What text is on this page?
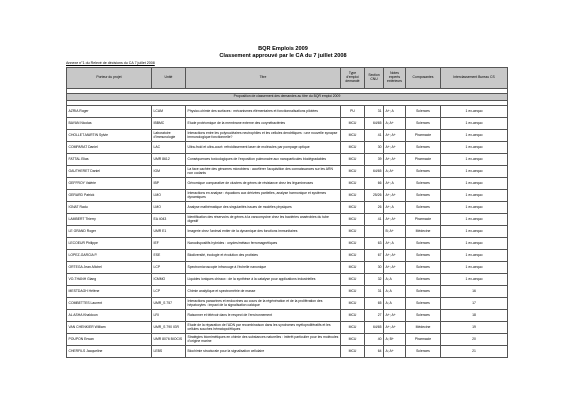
BQR Emplois 2009
Classement approuvé par le CA du 7 juillet 2008
Annexe n°1 du Relevé de décisions du CA 7 juillet 2008
Porteur du projet	Unité	Titre	Type d'emploi demandé	Section CNU	Notes experts extérieurs	Composantes	Interclassement Bureau CS

Proposition de classement des demandes au titre du BQR emploi 2009							

AZRIA Roger	LCAM	Physico-chimie des surfaces : mécanismes élémentaires et fonctionnalisations pilotées	PU	31	A+; A	Sciences	1 ex-aequo
BAYAN Nicolas	IBBMC	Etude protéomique de la membrane externe des corynébactéries	MCU	64/65	A; A+	Sciences	1 ex-aequo
CHOLLET-MARTIN Sylvie	Laboratoire d'immunologie	Interactions entre les polynucléaires neutrophiles et les cellules dendritiques : une nouvelle synapse immunologique fonctionnelle?	MCU	41	A+; A+	Pharmacie	1 ex-aequo
COMPARAT Daniel	LAC	Ultra-froid et ultra-court: refroidissement laser de molécules par pompage optique	MCU	30	A+; A+	Sciences	1 ex-aequo
FATTAL Elias	UMR 8612	Conséquences toxicologiques de l'exposition pulmonaire aux nanoparticules biodégradables	MCU	39	A+; A+	Pharmacie	1 ex-aequo
GAUTHERET Daniel	IGM	La face cachée des génomes microbiens : accélérer l'acquisition des connaissances sur les ARN non codants	MCU	64/65	A; A+	Sciences	1 ex-aequo
GEFFROY Valérie	IBP	Génomique comparative de clusters de gènes de résistance chez les légumineuses	MCU	66	A+; A	Sciences	1 ex-aequo
GERARD Patrick	LMO	Interactions en analyse : équations aux dérivées partielles, analyse harmonique et systèmes dynamiques	MCU	25/26	A+; A+	Sciences	1 ex-aequo
IGNAT Radu	LMO	Analyse mathématique des singularités issues de modèles physiques	MCU	26	A+; A	Sciences	1 ex-aequo
LAMBERT Thierry	EA 4043	Identification des réservoirs de gènes à la vancomycine chez les bactéries anaérobies du tube digestif	MCU	41	A+; A+	Pharmacie	1 ex-aequo
LE GRAND Roger	UMR E1	Imagerie chez l'animal entier de la dynamique des fonctions immunitaires	MCU		B; A+	Médecine	1 ex-aequo
LECOEUR Philippe	IEF	Nanodispositifs hybrides : oxydes/métaux ferromagnétiques	MCU	63	A+; A	Sciences	1 ex-aequo
LOPEZ-GARCIA P.	ESE	Biodiversité, écologie et évolution des protistes	MCU	67	A+; A+	Sciences	1 ex-aequo
ORTEGA Jean-Michel	LCP	Spectromicroscopie infrarouge à l'échelle nanonique	MCU	30	A+; A+	Sciences	1 ex-aequo
VO-THANH Giang	ICMMO	Liquides ioniques chiraux : de la synthèse à la catalyse pour applications industrielles	MCU	32	A; A	Sciences	1 ex-aequo
MESTDAGH Hélène	LCP	Chimie analytique et spectrométrie de masse	MCU	31	A; A	Sciences	16
COMBETTES Laurent	UMR_S 757	Interactions paracrines et endocrines au cours de la régénération et de la prolifération des hépatocytes : impact de la signalisation calcique	MCU	65	A; A	Sciences	17
AL ASHA Khaldoun	LRI	Raisonner et télévoir dans le respect de l'environnement	MCU	27	A+; A+	Sciences	18
VAN CHENKIER William	UMR_S 790 IGR	Etude de la réparation de l'ADN par recombinaison dans les syndromes myéloprolifératifs et les cellules souches hématopoïétiques	MCU	64/65	A+; A+	Médecine	19
POUPON Erwan	UMR 8076 BIOCIS	Stratégies biomimétiques en chimie des substances naturelles : intérêt particulier pour les molécules d'origine marine	MCU	40	A; B+	Pharmacie	20
CHERFILS Jacqueline	LEBS	Biochimie structurale pour la signalisation cellulaire	MCU	64	A; A+	Sciences	21
